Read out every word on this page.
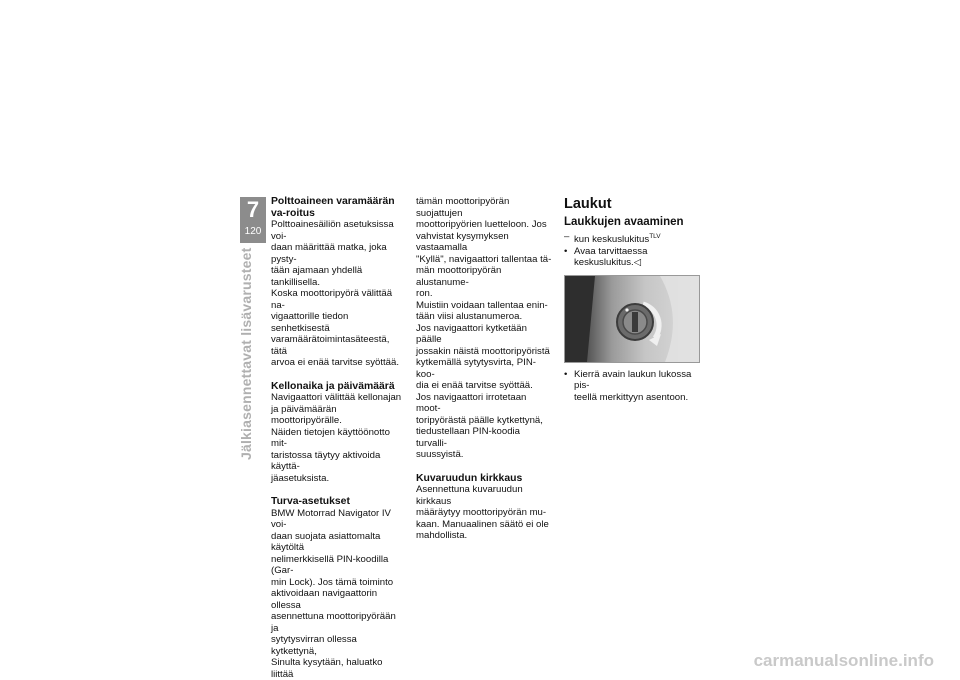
7
120
Jälkiasennettavat lisävarusteet
Polttoaineen varamäärän va-roitus

Polttoainesäiliön asetuksissa voi-

daan määrittää matka, joka pysty-

tään ajamaan yhdellä tankillisella.

Koska moottoripyörä välittää na-

vigaattorille tiedon senhetkisestä

varamäärätoimintasäteestä, tätä

arvoa ei enää tarvitse syöttää.

Kellonaika ja päivämäärä

Navigaattori välittää kellonajan

ja päivämäärän moottoripyörälle.

Näiden tietojen käyttöönotto mit-

taristossa täytyy aktivoida käyttä-

jäasetuksista.

Turva-asetukset

BMW Motorrad Navigator IV voi-

daan suojata asiattomalta käytöltä

nelimerkkisellä PIN-koodilla (Gar-

min Lock). Jos tämä toiminto

aktivoidaan navigaattorin ollessa

asennettuna moottoripyörään ja

sytytysvirran ollessa kytkettynä,

Sinulta kysytään, haluatko liittää

tämän moottoripyörän suojattujen

moottoripyörien luetteloon. Jos

vahvistat kysymyksen vastaamalla

"Kyllä", navigaattori tallentaa tä-

män moottoripyörän alustanume-

ron.

Muistiin voidaan tallentaa enin-

tään viisi alustanumeroa.

Jos navigaattori kytketään päälle

jossakin näistä moottoripyöristä

kytkemällä sytytysvirta, PIN-koo-

dia ei enää tarvitse syöttää.

Jos navigaattori irrotetaan moot-

toripyörästä päälle kytkettynä,

tiedustellaan PIN-koodia turvalli-

suussyistä.

Kuvaruudun kirkkaus

Asennettuna kuvaruudun kirkkaus

määräytyy moottoripyörän mu-

kaan. Manuaalinen säätö ei ole

mahdollista.

Laukut
Laukkujen avaaminen
– kun keskuslukitus$^{TLV}$
• Avaa tarvittaessa

keskuslukitus.◁

• Kierrä avain laukun lukossa pis-

teellä merkittyyn asentoon.

carmanualsonline.info
